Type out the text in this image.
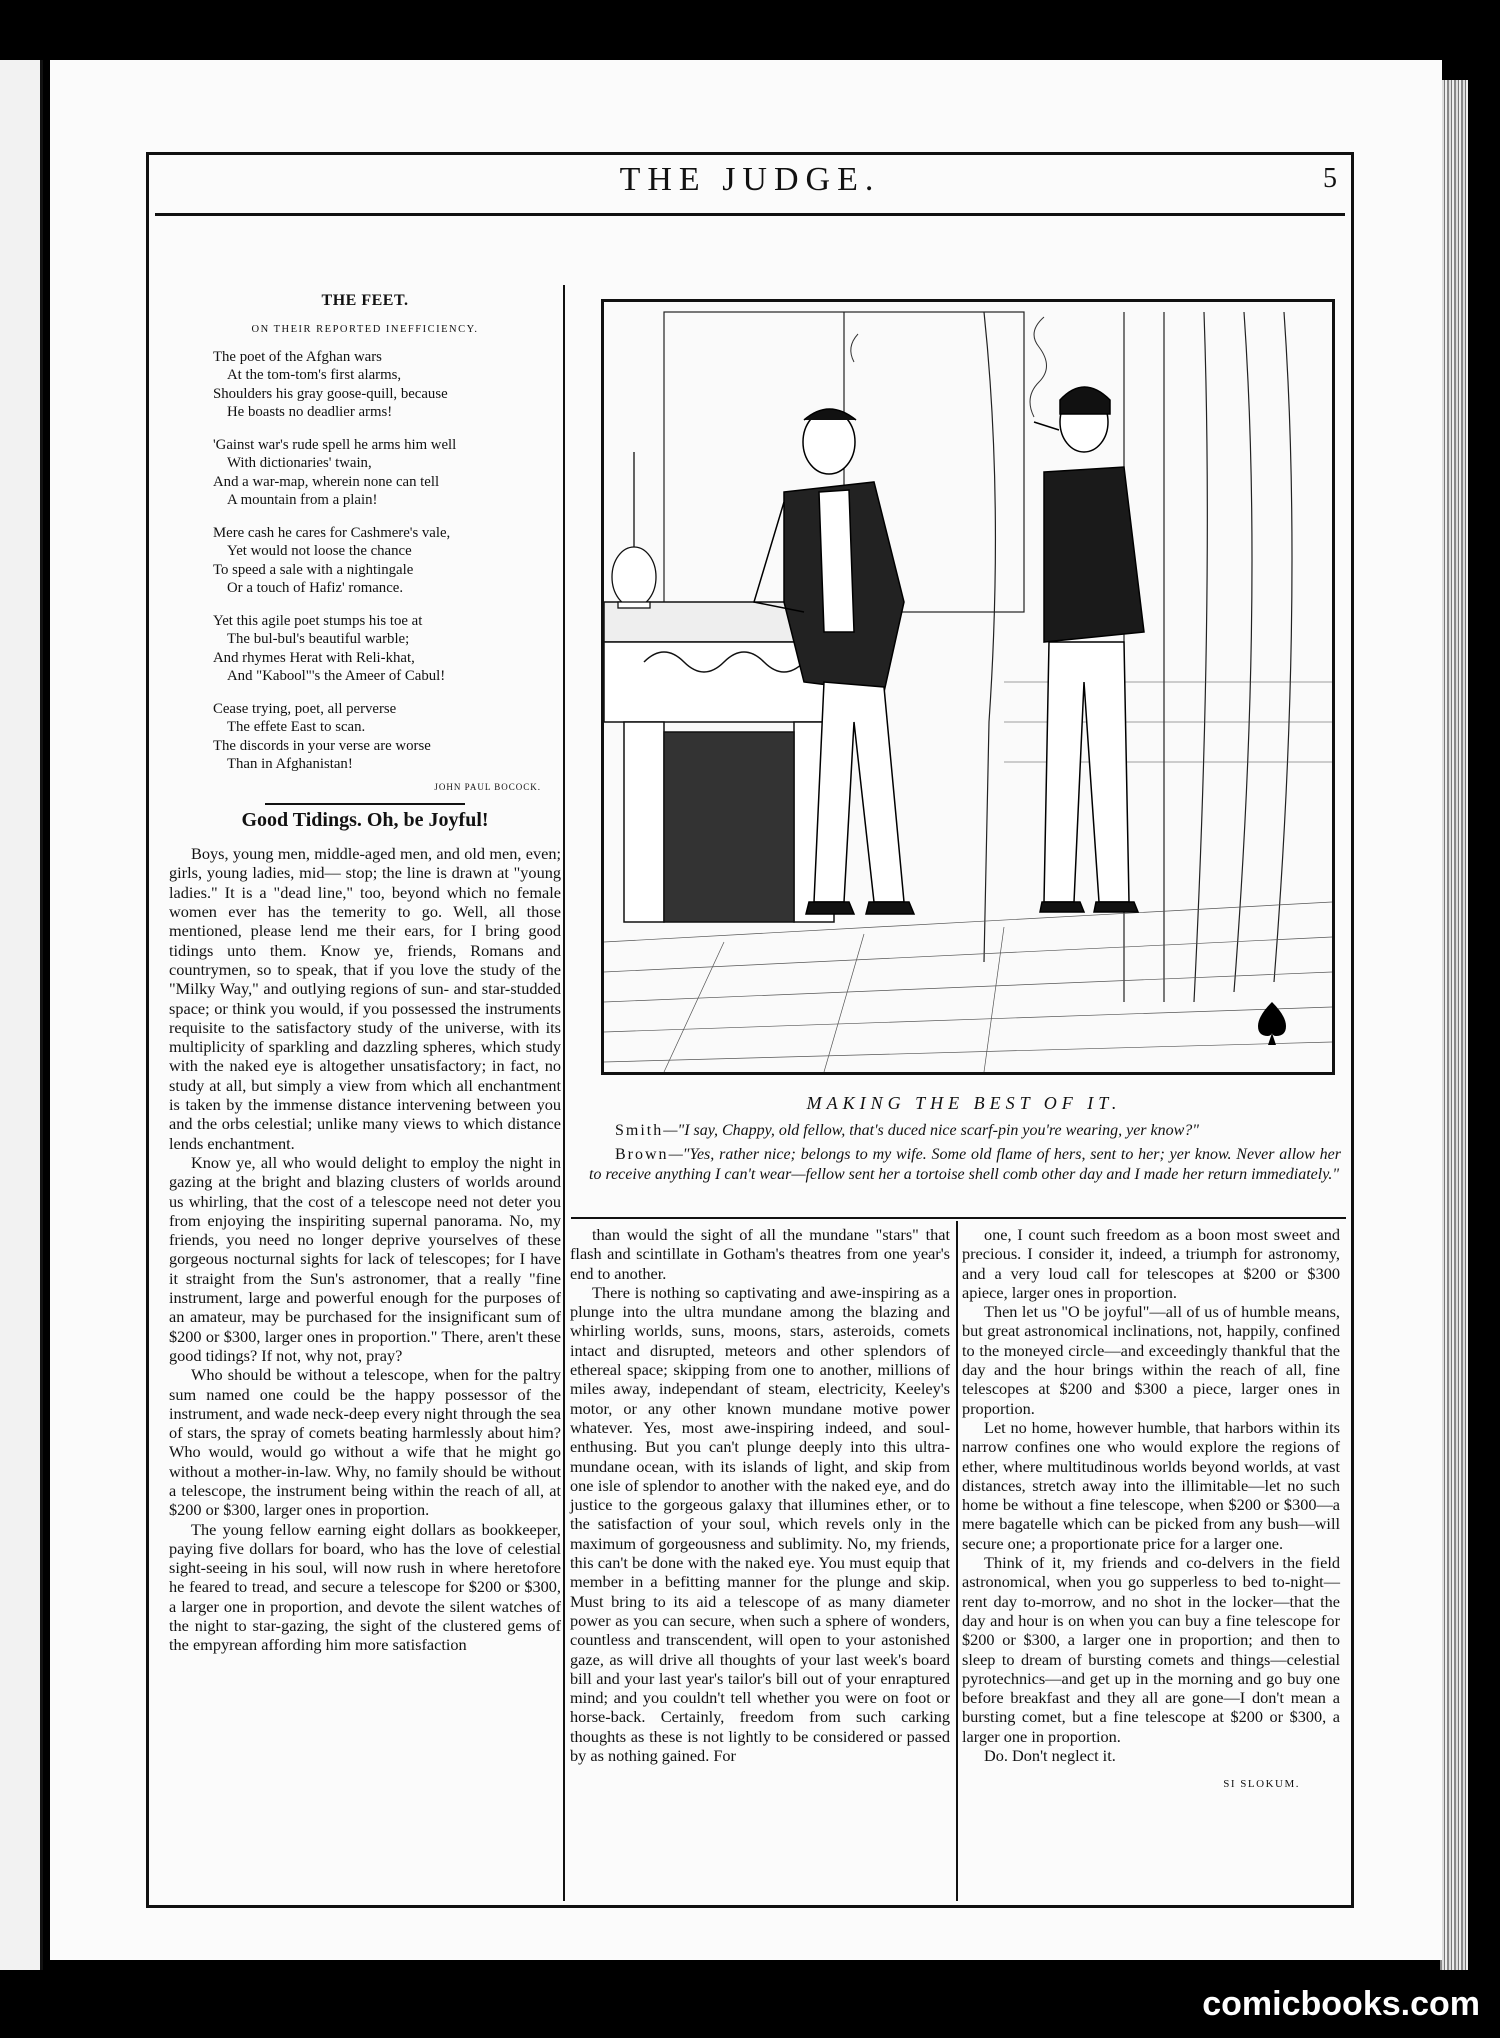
THE JUDGE.	5
THE FEET.
ON THEIR REPORTED INEFFICIENCY.
The poet of the Afghan wars
At the tom-tom's first alarms,
Shoulders his gray goose-quill, because
He boasts no deadlier arms!
'Gainst war's rude spell he arms him well
With dictionaries' twain,
And a war-map, wherein none can tell
A mountain from a plain!
Mere cash he cares for Cashmere's vale,
Yet would not loose the chance
To speed a sale with a nightingale
Or a touch of Hafiz' romance.
Yet this agile poet stumps his toe at
The bul-bul's beautiful warble;
And rhymes Herat with Reli-khat,
And "Kabool"'s the Ameer of Cabul!
Cease trying, poet, all perverse
The effete East to scan.
The discords in your verse are worse
Than in Afghanistan!
JOHN PAUL BOCOCK.
Good Tidings. Oh, be Joyful!

Boys, young men, middle-aged men, and old men, even; girls, young ladies, mid— stop; the line is drawn at "young ladies." It is a "dead line," too, beyond which no female women ever has the temerity to go. Well, all those mentioned, please lend me their ears, for I bring good tidings unto them. Know ye, friends, Romans and countrymen, so to speak, that if you love the study of the "Milky Way," and outlying regions of sun- and star-studded space; or think you would, if you possessed the instruments requisite to the satisfactory study of the universe, with its multiplicity of sparkling and dazzling spheres, which study with the naked eye is altogether unsatisfactory; in fact, no study at all, but simply a view from which all enchantment is taken by the immense distance intervening between you and the orbs celestial; unlike many views to which distance lends enchantment.

Know ye, all who would delight to employ the night in gazing at the bright and blazing clusters of worlds around us whirling, that the cost of a telescope need not deter you from enjoying the inspiriting supernal panorama. No, my friends, you need no longer deprive yourselves of these gorgeous nocturnal sights for lack of telescopes; for I have it straight from the Sun's astronomer, that a really "fine instrument, large and powerful enough for the purposes of an amateur, may be purchased for the insignificant sum of $200 or $300, larger ones in proportion." There, aren't these good tidings? If not, why not, pray?

Who should be without a telescope, when for the paltry sum named one could be the happy possessor of the instrument, and wade neck-deep every night through the sea of stars, the spray of comets beating harmlessly about him? Who would, would go without a wife that he might go without a mother-in-law. Why, no family should be without a telescope, the instrument being within the reach of all, at $200 or $300, larger ones in proportion.

The young fellow earning eight dollars as bookkeeper, paying five dollars for board, who has the love of celestial sight-seeing in his soul, will now rush in where heretofore he feared to tread, and secure a telescope for $200 or $300, a larger one in proportion, and devote the silent watches of the night to star-gazing, the sight of the clustered gems of the empyrean affording him more satisfaction

MAKING THE BEST OF IT.

Smith—"I say, Chappy, old fellow, that's duced nice scarf-pin you're wearing, yer know?"

Brown—"Yes, rather nice; belongs to my wife. Some old flame of hers, sent to her; yer know. Never allow her to receive anything I can't wear—fellow sent her a tortoise shell comb other day and I made her return immediately."

than would the sight of all the mundane "stars" that flash and scintillate in Gotham's theatres from one year's end to another.

There is nothing so captivating and awe-inspiring as a plunge into the ultra mundane among the blazing and whirling worlds, suns, moons, stars, asteroids, comets intact and disrupted, meteors and other splendors of ethereal space; skipping from one to another, millions of miles away, independant of steam, electricity, Keeley's motor, or any other known mundane motive power whatever. Yes, most awe-inspiring indeed, and soul-enthusing. But you can't plunge deeply into this ultra-mundane ocean, with its islands of light, and skip from one isle of splendor to another with the naked eye, and do justice to the gorgeous galaxy that illumines ether, or to the satisfaction of your soul, which revels only in the maximum of gorgeousness and sublimity. No, my friends, this can't be done with the naked eye. You must equip that member in a befitting manner for the plunge and skip. Must bring to its aid a telescope of as many diameter power as you can secure, when such a sphere of wonders, countless and transcendent, will open to your astonished gaze, as will drive all thoughts of your last week's board bill and your last year's tailor's bill out of your enraptured mind; and you couldn't tell whether you were on foot or horse-back. Certainly, freedom from such carking thoughts as these is not lightly to be considered or passed by as nothing gained. For

one, I count such freedom as a boon most sweet and precious. I consider it, indeed, a triumph for astronomy, and a very loud call for telescopes at $200 or $300 apiece, larger ones in proportion.

Then let us "O be joyful"—all of us of humble means, but great astronomical inclinations, not, happily, confined to the moneyed circle—and exceedingly thankful that the day and the hour brings within the reach of all, fine telescopes at $200 and $300 a piece, larger ones in proportion.

Let no home, however humble, that harbors within its narrow confines one who would explore the regions of ether, where multitudinous worlds beyond worlds, at vast distances, stretch away into the illimitable—let no such home be without a fine telescope, when $200 or $300—a mere bagatelle which can be picked from any bush—will secure one; a proportionate price for a larger one.

Think of it, my friends and co-delvers in the field astronomical, when you go supperless to bed to-night—rent day to-morrow, and no shot in the locker—that the day and hour is on when you can buy a fine telescope for $200 or $300, a larger one in proportion; and then to sleep to dream of bursting comets and things—celestial pyrotechnics—and get up in the morning and go buy one before breakfast and they all are gone—I don't mean a bursting comet, but a fine telescope at $200 or $300, a larger one in proportion.

Do. Don't neglect it.

SI SLOKUM.
comicbooks.com
